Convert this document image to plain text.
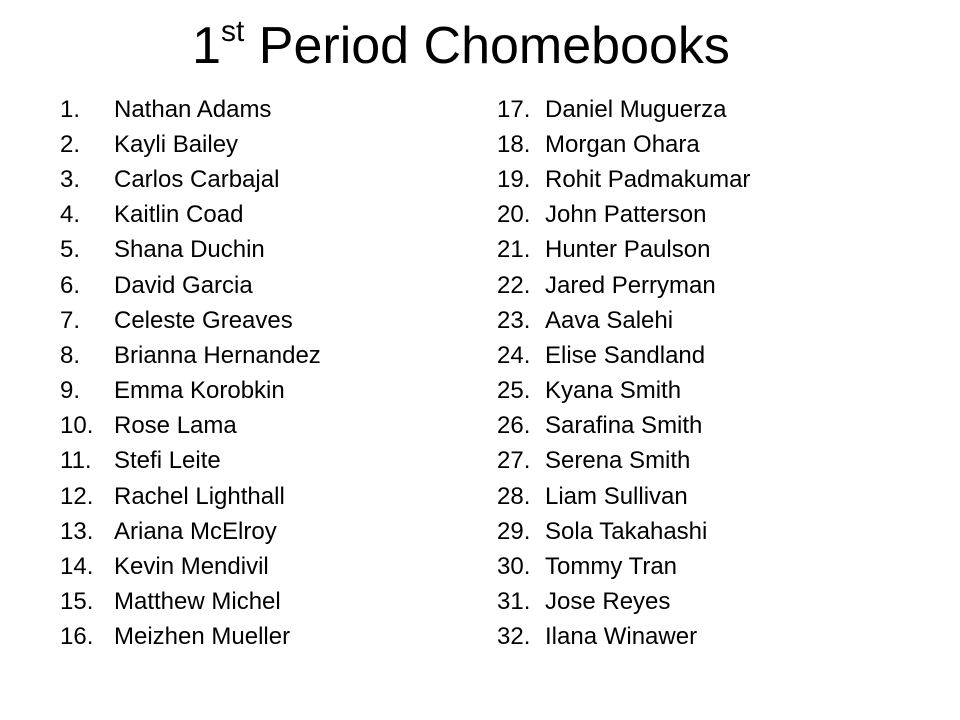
1st Period Chomebooks
1.	Nathan Adams
2.	Kayli Bailey
3.	Carlos Carbajal
4.	Kaitlin Coad
5.	Shana Duchin
6.	David Garcia
7.	Celeste Greaves
8.	Brianna Hernandez
9.	Emma Korobkin
10. Rose Lama
11. Stefi Leite
12. Rachel Lighthall
13. Ariana McElroy
14. Kevin Mendivil
15. Matthew Michel
16. Meizhen Mueller
17. Daniel Muguerza
18. Morgan Ohara
19. Rohit Padmakumar
20. John Patterson
21. Hunter Paulson
22. Jared Perryman
23. Aava Salehi
24. Elise Sandland
25. Kyana Smith
26. Sarafina Smith
27. Serena Smith
28. Liam Sullivan
29. Sola Takahashi
30. Tommy Tran
31. Jose Reyes
32. Ilana Winawer
